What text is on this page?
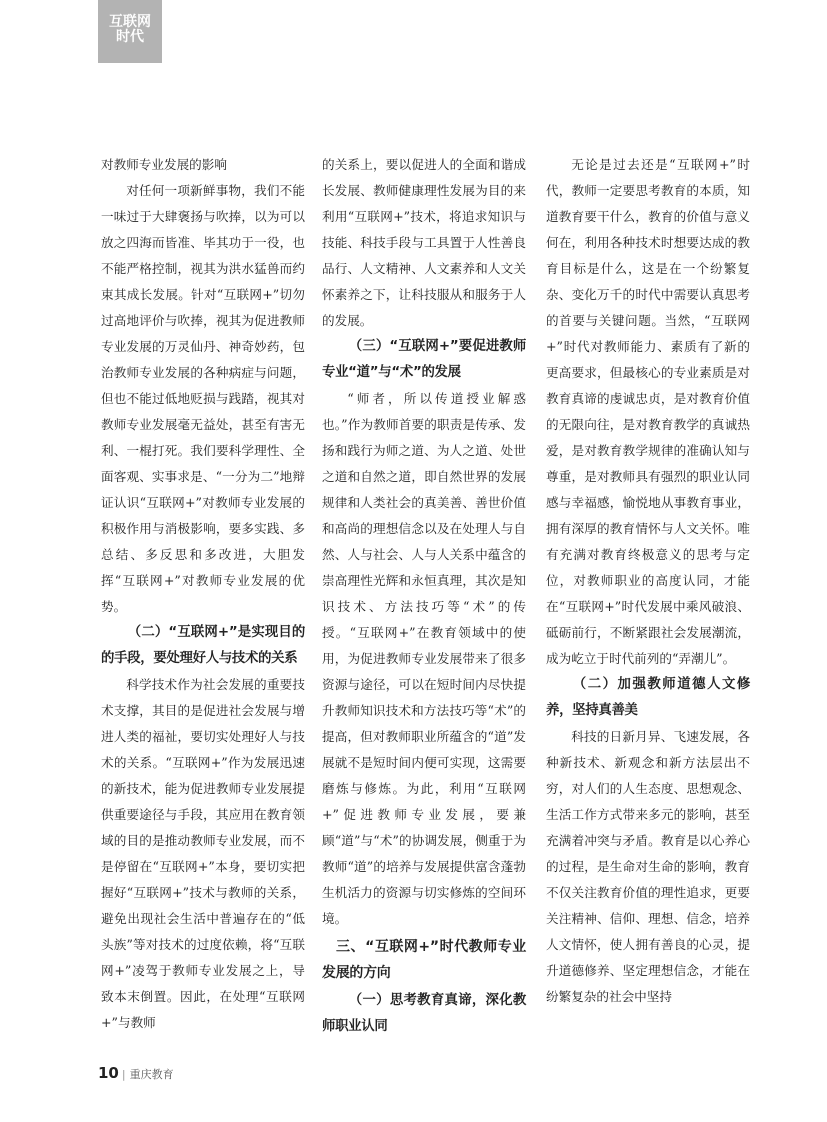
互联网
时代

对教师专业发展的影响

对任何一项新鲜事物，我们不能一味过于大肆褒扬与吹捧，以为可以放之四海而皆准、毕其功于一役，也不能严格控制，视其为洪水猛兽而约束其成长发展。针对“互联网+”切勿过高地评价与吹捧，视其为促进教师专业发展的万灵仙丹、神奇妙药，包治教师专业发展的各种病症与问题，但也不能过低地贬损与践踏，视其对教师专业发展毫无益处，甚至有害无利、一棍打死。我们要科学理性、全面客观、实事求是、“一分为二”地辩证认识“互联网+”对教师专业发展的积极作用与消极影响，要多实践、多总结、多反思和多改进，大胆发挥“互联网+”对教师专业发展的优势。

（二）“互联网+”是实现目的的手段，要处理好人与技术的关系

科学技术作为社会发展的重要技术支撑，其目的是促进社会发展与增进人类的福祉，要切实处理好人与技术的关系。“互联网+”作为发展迅速的新技术，能为促进教师专业发展提供重要途径与手段，其应用在教育领域的目的是推动教师专业发展，而不是停留在“互联网+”本身，要切实把握好“互联网+”技术与教师的关系，避免出现社会生活中普遍存在的“低头族”等对技术的过度依赖，将“互联网+”凌驾于教师专业发展之上，导致本末倒置。因此，在处理“互联网+”与教师

的关系上，要以促进人的全面和谐成长发展、教师健康理性发展为目的来利用“互联网+”技术，将追求知识与技能、科技手段与工具置于人性善良品行、人文精神、人文素养和人文关怀素养之下，让科技服从和服务于人的发展。

（三）“互联网+”要促进教师专业“道”与“术”的发展

“师者，所以传道授业解惑也。”作为教师首要的职责是传承、发扬和践行为师之道、为人之道、处世之道和自然之道，即自然世界的发展规律和人类社会的真美善、善世价值和高尚的理想信念以及在处理人与自然、人与社会、人与人关系中蕴含的崇高理性光辉和永恒真理，其次是知识技术、方法技巧等“术”的传授。“互联网+”在教育领域中的使用，为促进教师专业发展带来了很多资源与途径，可以在短时间内尽快提升教师知识技术和方法技巧等“术”的提高，但对教师职业所蕴含的“道”发展就不是短时间内便可实现，这需要磨炼与修炼。为此，利用“互联网+”促进教师专业发展，要兼顾“道”与“术”的协调发展，侧重于为教师“道”的培养与发展提供富含蓬勃生机活力的资源与切实修炼的空间环境。

三、“互联网+”时代教师专业发展的方向
（一）思考教育真谛，深化教师职业认同

无论是过去还是“互联网+”时代，教师一定要思考教育的本质，知道教育要干什么，教育的价值与意义何在，利用各种技术时想要达成的教育目标是什么，这是在一个纷繁复杂、变化万千的时代中需要认真思考的首要与关键问题。当然，“互联网+”时代对教师能力、素质有了新的更高要求，但最核心的专业素质是对教育真谛的虔诚忠贞，是对教育价值的无限向往，是对教育教学的真诚热爱，是对教育教学规律的准确认知与尊重，是对教师具有强烈的职业认同感与幸福感，愉悦地从事教育事业，拥有深厚的教育情怀与人文关怀。唯有充满对教育终极意义的思考与定位，对教师职业的高度认同，才能在“互联网+”时代发展中乘风破浪、砥砺前行，不断紧跟社会发展潮流，成为屹立于时代前列的“弄潮儿”。

（二）加强教师道德人文修养，坚持真善美

科技的日新月异、飞速发展，各种新技术、新观念和新方法层出不穷，对人们的人生态度、思想观念、生活工作方式带来多元的影响，甚至充满着冲突与矛盾。教育是以心养心的过程，是生命对生命的影响，教育不仅关注教育价值的理性追求，更要关注精神、信仰、理想、信念，培养人文情怀，使人拥有善良的心灵，提升道德修养、坚定理想信念，才能在纷繁复杂的社会中坚持

10 | 重庆教育
